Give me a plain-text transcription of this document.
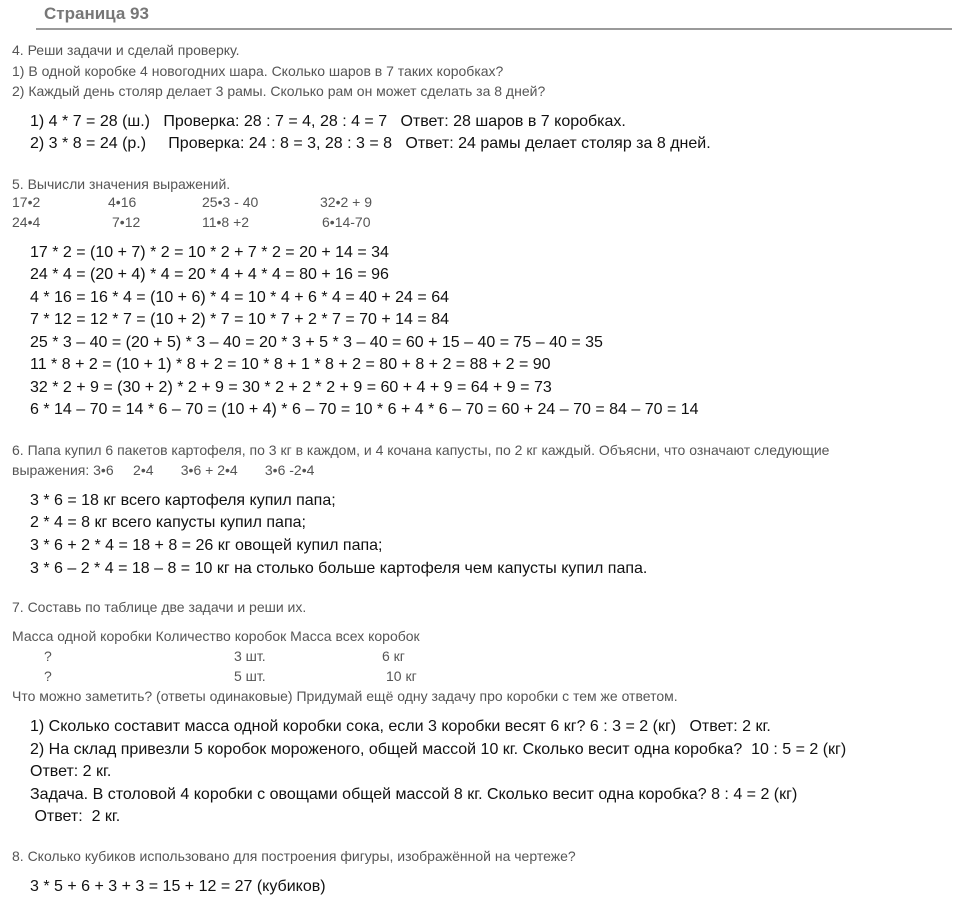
Страница 93
4. Реши задачи и сделай проверку.
1) В одной коробке 4 новогодних шара. Сколько шаров в 7 таких коробках?
2) Каждый день столяр делает 3 рамы. Сколько рам он может сделать за 8 дней?
1) 4 * 7 = 28 (ш.)   Проверка: 28 : 7 = 4, 28 : 4 = 7   Ответ: 28 шаров в 7 коробках.
2) 3 * 8 = 24 (р.)     Проверка: 24 : 8 = 3, 28 : 3 = 8   Ответ: 24 рамы делает столяр за 8 дней.
5. Вычисли значения выражений.
17•2	4•16	25•3 - 40	32•2 + 9
24•4	7•12	11•8 +2	6•14-70
17 * 2 = (10 + 7) * 2 = 10 * 2 + 7 * 2 = 20 + 14 = 34
24 * 4 = (20 + 4) * 4 = 20 * 4 + 4 * 4 = 80 + 16 = 96
4 * 16 = 16 * 4 = (10 + 6) * 4 = 10 * 4 + 6 * 4 = 40 + 24 = 64
7 * 12 = 12 * 7 = (10 + 2) * 7 = 10 * 7 + 2 * 7 = 70 + 14 = 84
25 * 3 – 40 = (20 + 5) * 3 – 40 = 20 * 3 + 5 * 3 – 40 = 60 + 15 – 40 = 75 – 40 = 35
11 * 8 + 2 = (10 + 1) * 8 + 2 = 10 * 8 + 1 * 8 + 2 = 80 + 8 + 2 = 88 + 2 = 90
32 * 2 + 9 = (30 + 2) * 2 + 9 = 30 * 2 + 2 * 2 + 9 = 60 + 4 + 9 = 64 + 9 = 73
6 * 14 – 70 = 14 * 6 – 70 = (10 + 4) * 6 – 70 = 10 * 6 + 4 * 6 – 70 = 60 + 24 – 70 = 84 – 70 = 14
6. Папа купил 6 пакетов картофеля, по 3 кг в каждом, и 4 кочана капусты, по 2 кг каждый. Объясни, что означают следующие
выражения: 3•6     2•4       3•6 + 2•4       3•6 -2•4
3 * 6 = 18 кг всего картофеля купил папа;
2 * 4 = 8 кг всего капусты купил папа;
3 * 6 + 2 * 4 = 18 + 8 = 26 кг овощей купил папа;
3 * 6 – 2 * 4 = 18 – 8 = 10 кг на столько больше картофеля чем капусты купил папа.
7. Составь по таблице две задачи и реши их.
Масса одной коробки Количество коробок Масса всех коробок
?	3 шт.	6 кг
?	5 шт.	10 кг
Что можно заметить? (ответы одинаковые) Придумай ещё одну задачу про коробки с тем же ответом.
1) Сколько составит масса одной коробки сока, если 3 коробки весят 6 кг? 6 : 3 = 2 (кг)   Ответ: 2 кг.
2) На склад привезли 5 коробок мороженого, общей массой 10 кг. Сколько весит одна коробка?  10 : 5 = 2 (кг)
Ответ: 2 кг.
Задача. В столовой 4 коробки с овощами общей массой 8 кг. Сколько весит одна коробка? 8 : 4 = 2 (кг)
Ответ:  2 кг.
8. Сколько кубиков использовано для построения фигуры, изображённой на чертеже?
3 * 5 + 6 + 3 + 3 = 15 + 12 = 27 (кубиков)
